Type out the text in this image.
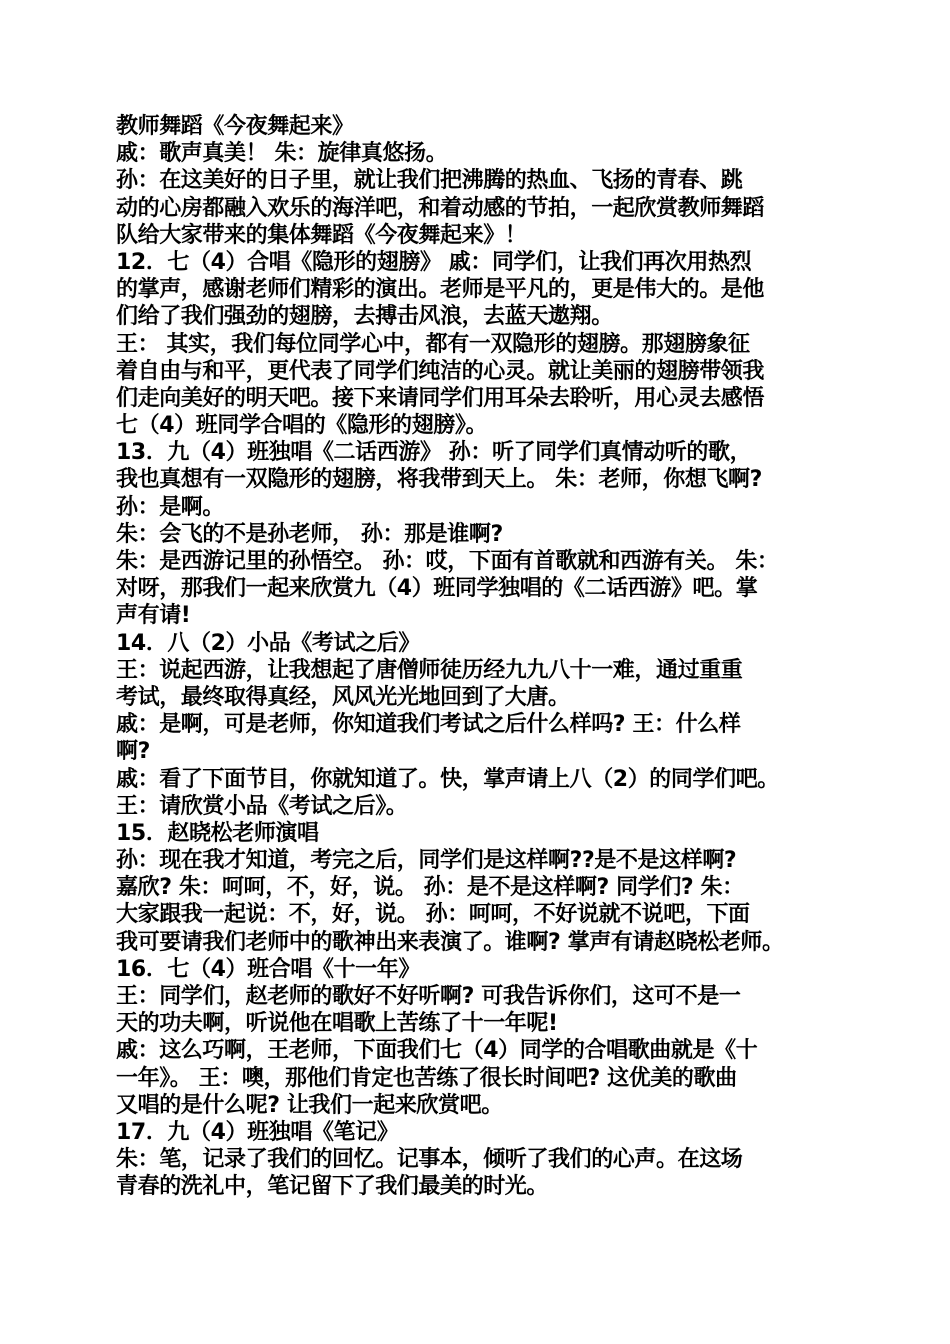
教师舞蹈《今夜舞起来》
戚：歌声真美！ 朱：旋律真悠扬。
孙：在这美好的日子里，就让我们把沸腾的热血、飞扬的青春、跳
动的心房都融入欢乐的海洋吧，和着动感的节拍，一起欣赏教师舞蹈
队给大家带来的集体舞蹈《今夜舞起来》！
12．七（4）合唱《隐形的翅膀》 戚：同学们，让我们再次用热烈
的掌声，感谢老师们精彩的演出。老师是平凡的，更是伟大的。是他
们给了我们强劲的翅膀，去搏击风浪，去蓝天遨翔。
王： 其实，我们每位同学心中，都有一双隐形的翅膀。那翅膀象征
着自由与和平，更代表了同学们纯洁的心灵。就让美丽的翅膀带领我
们走向美好的明天吧。接下来请同学们用耳朵去聆听，用心灵去感悟
七（4）班同学合唱的《隐形的翅膀》。
13．九（4）班独唱《二话西游》 孙：听了同学们真情动听的歌，
我也真想有一双隐形的翅膀，将我带到天上。 朱：老师，你想飞啊?
孙：是啊。
朱：会飞的不是孙老师， 孙：那是谁啊?
朱：是西游记里的孙悟空。 孙：哎，下面有首歌就和西游有关。 朱：
对呀，那我们一起来欣赏九（4）班同学独唱的《二话西游》吧。掌
声有请!
14．八（2）小品《考试之后》
王：说起西游，让我想起了唐僧师徒历经九九八十一难，通过重重
考试，最终取得真经，风风光光地回到了大唐。
戚：是啊，可是老师，你知道我们考试之后什么样吗? 王：什么样
啊?
戚：看了下面节目，你就知道了。快，掌声请上八（2）的同学们吧。
王：请欣赏小品《考试之后》。
15．赵晓松老师演唱
孙：现在我才知道，考完之后，同学们是这样啊??是不是这样啊?
嘉欣? 朱：呵呵，不，好，说。 孙：是不是这样啊? 同学们? 朱：
大家跟我一起说：不，好，说。 孙：呵呵，不好说就不说吧，下面
我可要请我们老师中的歌神出来表演了。谁啊? 掌声有请赵晓松老师。
16．七（4）班合唱《十一年》
王：同学们，赵老师的歌好不好听啊? 可我告诉你们，这可不是一
天的功夫啊，听说他在唱歌上苦练了十一年呢!
戚：这么巧啊，王老师，下面我们七（4）同学的合唱歌曲就是《十
一年》。 王：噢，那他们肯定也苦练了很长时间吧? 这优美的歌曲
又唱的是什么呢? 让我们一起来欣赏吧。
17．九（4）班独唱《笔记》
朱：笔，记录了我们的回忆。记事本，倾听了我们的心声。在这场
青春的洗礼中，笔记留下了我们最美的时光。
